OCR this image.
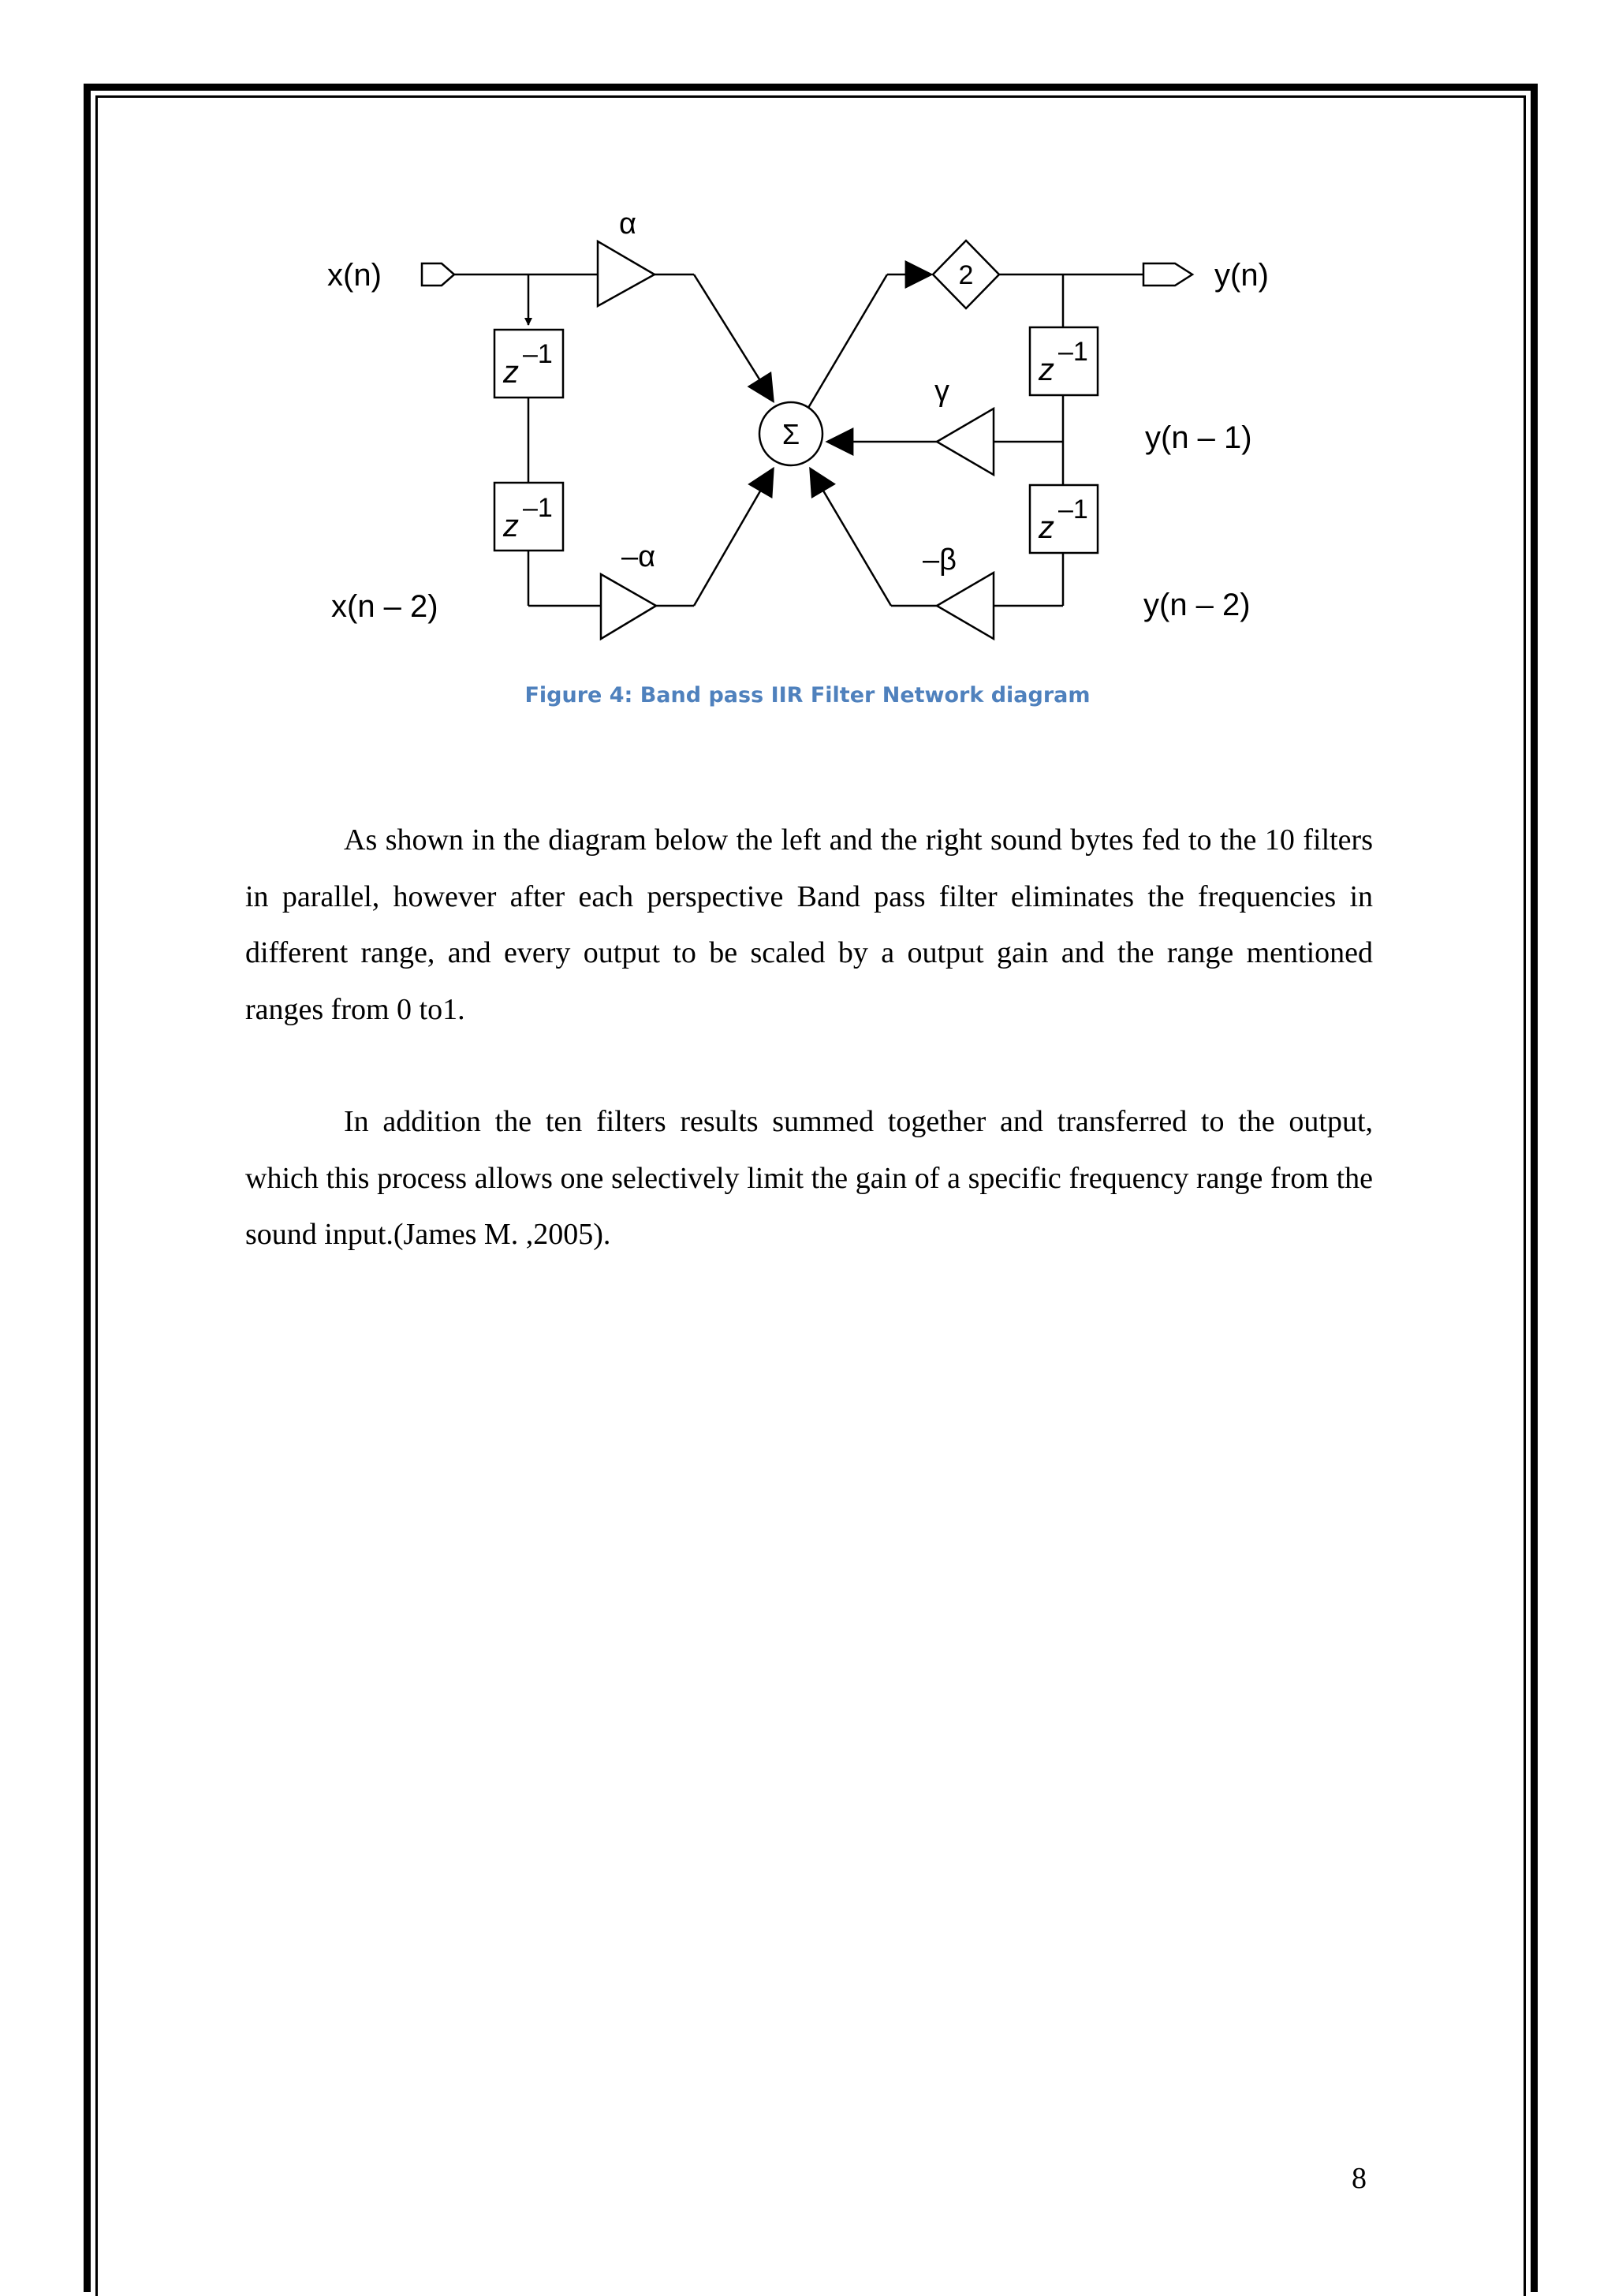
x(n)
x(n – 2)
y(n)
y(n – 1)
y(n – 2)
α
–α
γ
–β
Σ
2
z
–1
z
–1
z
–1
z
–1
Figure 4: Band pass IIR Filter Network diagram

As shown in the diagram below the left and the right sound bytes fed to the 10 filters in parallel, however after each perspective Band pass filter eliminates the frequencies in different range, and every output to be scaled by a output gain and the range mentioned ranges from 0 to1.

In addition the ten filters results summed together and transferred to the output, which this process allows one selectively limit the gain of a specific frequency range from the sound input.(James M. ,2005).

8
